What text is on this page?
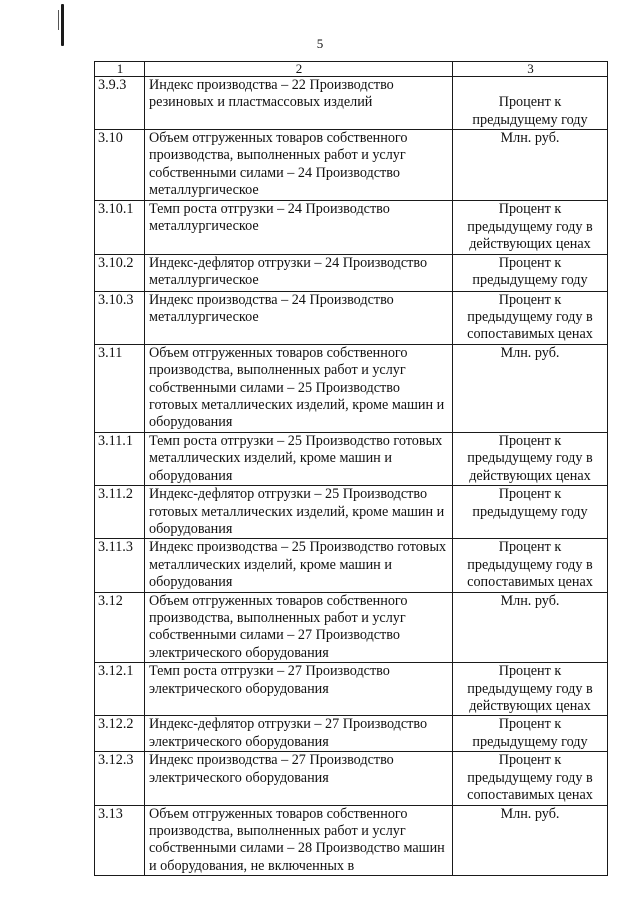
5
1	2	3
3.9.3	Индекс производства – 22 Производство резиновых и пластмассовых изделий	Процент к предыдущему году
3.10	Объем отгруженных товаров собственного производства, выполненных работ и услуг собственными силами – 24 Производство металлургическое	Млн. руб.
3.10.1	Темп роста отгрузки – 24 Производство металлургическое	Процент к предыдущему году в действующих ценах
3.10.2	Индекс-дефлятор отгрузки – 24 Производство металлургическое	Процент к предыдущему году
3.10.3	Индекс производства – 24 Производство металлургическое	Процент к предыдущему году в сопоставимых ценах
3.11	Объем отгруженных товаров собственного производства, выполненных работ и услуг собственными силами – 25 Производство готовых металлических изделий, кроме машин и оборудования	Млн. руб.
3.11.1	Темп роста отгрузки – 25 Производство готовых металлических изделий, кроме машин и оборудования	Процент к предыдущему году в действующих ценах
3.11.2	Индекс-дефлятор отгрузки – 25 Производство готовых металлических изделий, кроме машин и оборудования	Процент к предыдущему году
3.11.3	Индекс производства – 25 Производство готовых металлических изделий, кроме машин и оборудования	Процент к предыдущему году в сопоставимых ценах
3.12	Объем отгруженных товаров собственного производства, выполненных работ и услуг собственными силами – 27 Производство электрического оборудования	Млн. руб.
3.12.1	Темп роста отгрузки – 27 Производство электрического оборудования	Процент к предыдущему году в действующих ценах
3.12.2	Индекс-дефлятор отгрузки – 27 Производство электрического оборудования	Процент к предыдущему году
3.12.3	Индекс производства – 27 Производство электрического оборудования	Процент к предыдущему году в сопоставимых ценах
3.13	Объем отгруженных товаров собственного производства, выполненных работ и услуг собственными силами – 28 Производство машин и оборудования, не включенных в	Млн. руб.
